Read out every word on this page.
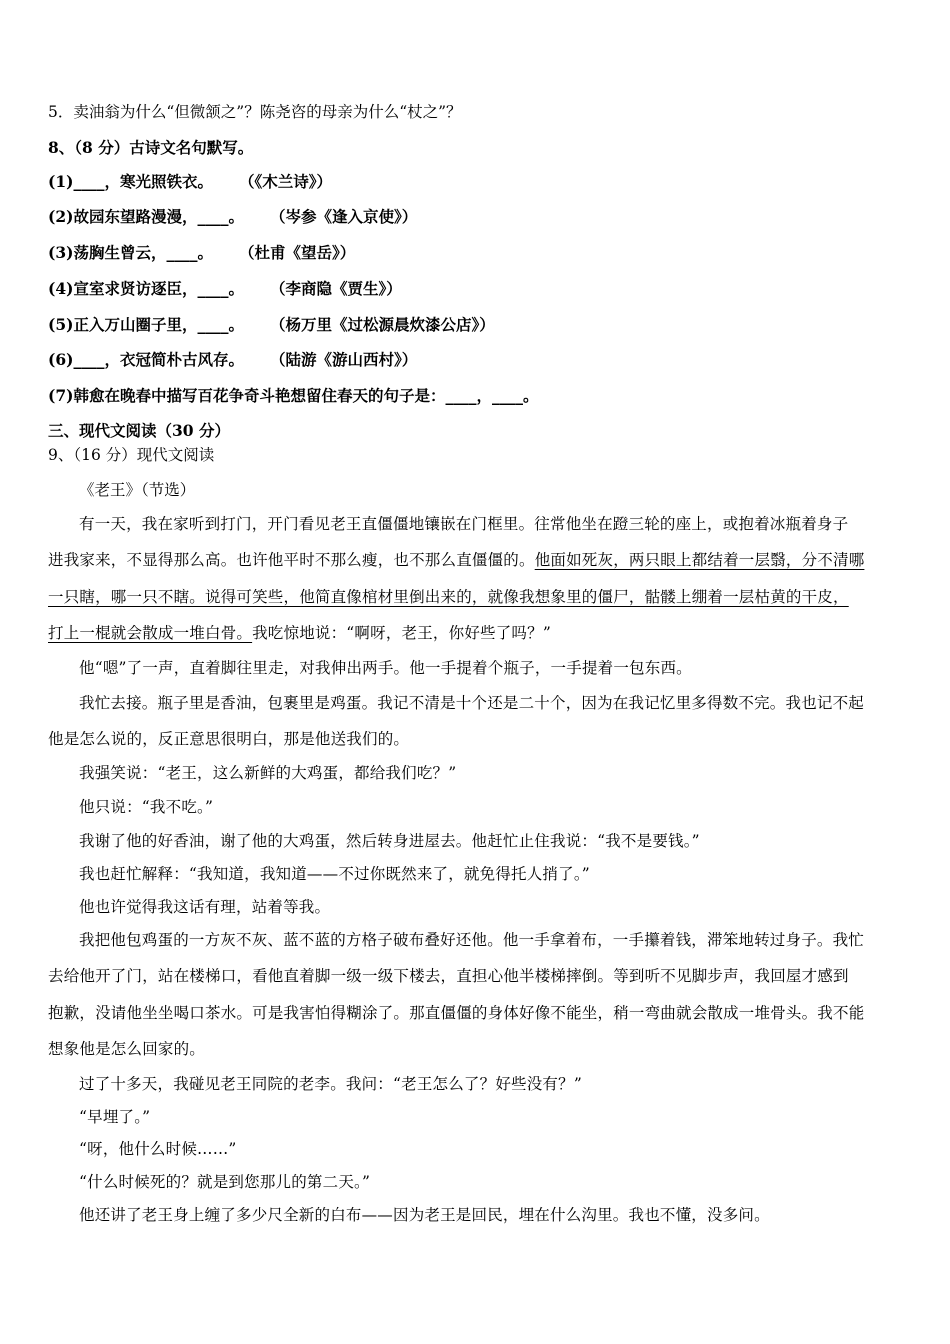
5．卖油翁为什么“但微颔之”？陈尧咨的母亲为什么“杖之”？
8、（8 分）古诗文名句默写。
(1)____，寒光照铁衣。 （《木兰诗》）
(2)故园东望路漫漫，____。 （岑参《逢入京使》）
(3)荡胸生曾云，____。 （杜甫《望岳》）
(4)宣室求贤访逐臣，____。 （李商隐《贾生》）
(5)正入万山圈子里，____。 （杨万里《过松源晨炊漆公店》）
(6)____，衣冠简朴古风存。 （陆游《游山西村》）
(7)韩愈在晚春中描写百花争奇斗艳想留住春天的句子是：____，____。
三、现代文阅读（30 分）
9、（16 分）现代文阅读
《老王》（节选）
有一天，我在家听到打门，开门看见老王直僵僵地镶嵌在门框里。往常他坐在蹬三轮的座上，或抱着冰瓶着身子
进我家来，不显得那么高。也许他平时不那么瘦，也不那么直僵僵的。他面如死灰，两只眼上都结着一层翳，分不清哪
一只瞎，哪一只不瞎。说得可笑些，他简直像棺材里倒出来的，就像我想象里的僵尸，骷髅上绷着一层枯黄的干皮，
打上一棍就会散成一堆白骨。我吃惊地说：“啊呀，老王，你好些了吗？”
他“嗯”了一声，直着脚往里走，对我伸出两手。他一手提着个瓶子，一手提着一包东西。
我忙去接。瓶子里是香油，包裹里是鸡蛋。我记不清是十个还是二十个，因为在我记忆里多得数不完。我也记不起
他是怎么说的，反正意思很明白，那是他送我们的。
我强笑说：“老王，这么新鲜的大鸡蛋，都给我们吃？”
他只说：“我不吃。”
我谢了他的好香油，谢了他的大鸡蛋，然后转身进屋去。他赶忙止住我说：“我不是要钱。”
我也赶忙解释：“我知道，我知道——不过你既然来了，就免得托人捎了。”
他也许觉得我这话有理，站着等我。
我把他包鸡蛋的一方灰不灰、蓝不蓝的方格子破布叠好还他。他一手拿着布，一手攥着钱，滞笨地转过身子。我忙
去给他开了门，站在楼梯口，看他直着脚一级一级下楼去，直担心他半楼梯摔倒。等到听不见脚步声，我回屋才感到
抱歉，没请他坐坐喝口茶水。可是我害怕得糊涂了。那直僵僵的身体好像不能坐，稍一弯曲就会散成一堆骨头。我不能
想象他是怎么回家的。
过了十多天，我碰见老王同院的老李。我问：“老王怎么了？好些没有？”
“早埋了。”
“呀，他什么时候……”
“什么时候死的？就是到您那儿的第二天。”
他还讲了老王身上缠了多少尺全新的白布——因为老王是回民，埋在什么沟里。我也不懂，没多问。
